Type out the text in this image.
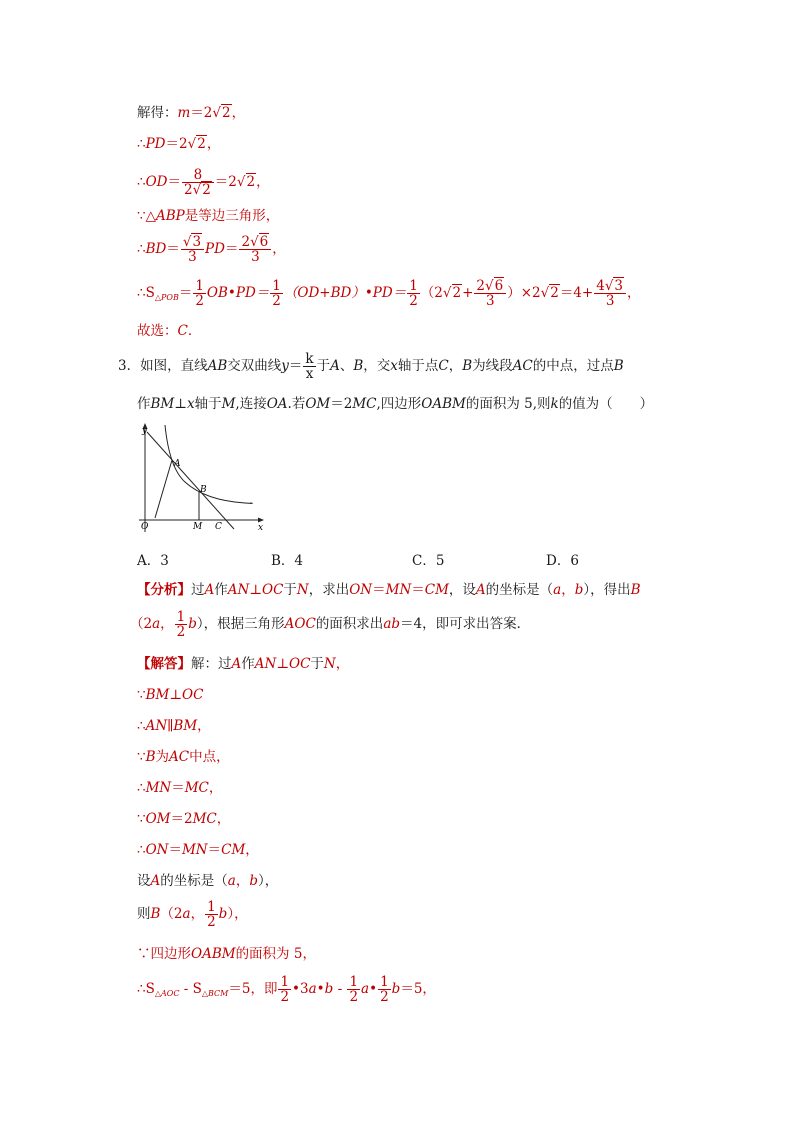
解得：m＝2√2，
∴PD＝2√2，
∴OD＝ $\frac{8}{2√2} =2√2$，
∵△ABP是等边三角形，
∴BD＝ $\frac{√3}{3} PD= \frac{2√6}{3}$ ，
$\therefore S_{\triangle POB}= \frac{1}{2}$ OB•PD＝ $\frac{1}{2}$ （OD+BD）•PD＝ $\frac{1}{2} (2√2+ \frac{2√6}{3} )\times 2√2=4+ \frac{4√3}{3}$ ，
故选：C．
3．如图，直线AB交双曲线$y= \frac{k}{x}$ 于A、B，交x轴于点C，B为线段AC的中点，过点B
作BM⊥x轴于M,连接OA.若OM＝2MC,四边形OABM的面积为 5,则k的值为（　　）
y
x
O
A
B
M C
A．3	B．4	C．5	D．6
【分析】过A作AN⊥OC于N，求出ON＝MN＝CM，设A的坐标是（a，b），得出B
（2a， $\frac{1}{2} b$），根据三角形AOC的面积求出ab＝4，即可求出答案．
【解答】解：过A作AN⊥OC于N，
∵BM⊥OC
∴AN∥BM，
∵B为AC中点，
∴MN＝MC，
∵OM＝2MC，
∴ON＝MN＝CM，
设A的坐标是（a，b），
则B（2a， $\frac{1}{2} b$），
∵四边形OABM的面积为 5，
$\therefore S_{\triangle AOC} - S_{\triangle BCM}=5$，即 $\frac{1}{2}$ •3a•b - $\frac{1}{2}$ a• $\frac{1}{2} b=5$，
